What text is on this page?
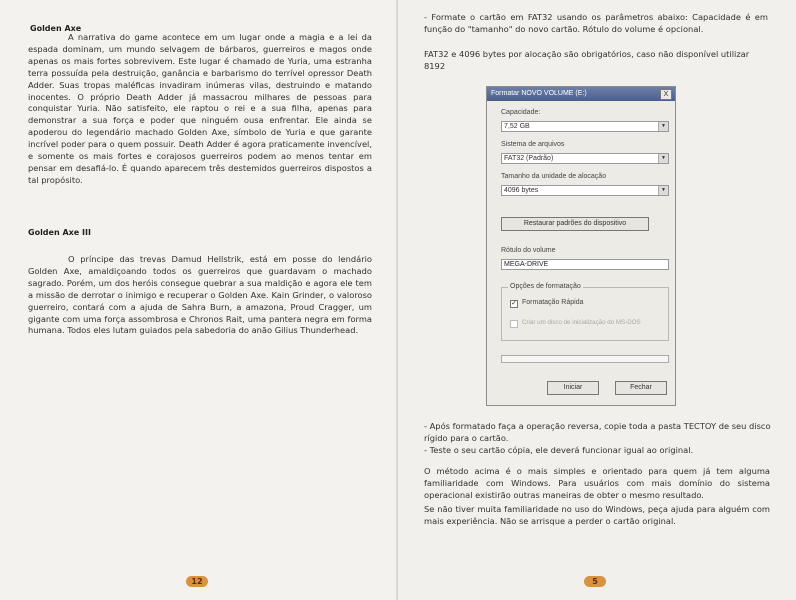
Golden Axe

A narrativa do game acontece em um lugar onde a magia e a lei da espada dominam, um mundo selvagem de bárbaros, guerreiros e magos onde apenas os mais fortes sobrevivem. Este lugar é chamado de Yuria, uma estranha terra possuída pela destruição, ganância e barbarismo do terrível opressor Death Adder. Suas tropas maléficas invadiram inúmeras vilas, destruindo e matando inocentes. O próprio Death Adder já massacrou milhares de pessoas para conquistar Yuria. Não satisfeito, ele raptou o rei e a sua filha, apenas para demonstrar a sua força e poder que ninguém ousa enfrentar. Ele ainda se apoderou do legendário machado Golden Axe, símbolo de Yuria e que garante incrível poder para o quem possuir. Death Adder é agora praticamente invencível, e somente os mais fortes e corajosos guerreiros podem ao menos tentar em pensar em desafiá-lo. É quando aparecem três destemidos guerreiros dispostos a tal propósito.

Golden Axe III

O príncipe das trevas Damud Hellstrik, está em posse do lendário Golden Axe, amaldiçoando todos os guerreiros que guardavam o machado sagrado. Porém, um dos heróis consegue quebrar a sua maldição e agora ele tem a missão de derrotar o inimigo e recuperar o Golden Axe. Kain Grinder, o valoroso guerreiro, contará com a ajuda de Sahra Burn, a amazona, Proud Cragger, um gigante com uma força assombrosa e Chronos Rait, uma pantera negra em forma humana. Todos eles lutam guiados pela sabedoria do anão Gilius Thunderhead.

12

- Formate o cartão em FAT32 usando os parâmetros abaixo: Capacidade é em função do "tamanho" do novo cartão. Rótulo do volume é opcional.

FAT32 e 4096 bytes por alocação são obrigatórios, caso não disponível utilizar 8192

Formatar NOVO VOLUME (E:)	X
Capacidade:
7,52 GB	▼
Sistema de arquivos
FAT32 (Padrão)	▼
Tamanho da unidade de alocação
4096 bytes	▼
Restaurar padrões do dispositivo
Rótulo do volume
MEGA-DRIVE
Opções de formatação
✓ Formatação Rápida
Criar um disco de inicialização do MS-DOS
Iniciar	Fechar

- Após formatado faça a operação reversa, copie toda a pasta TECTOY de seu disco rígido para o cartão.

- Teste o seu cartão cópia, ele deverá funcionar igual ao original.

O método acima é o mais simples e orientado para quem já tem alguma familiaridade com Windows. Para usuários com mais domínio do sistema operacional existirão outras maneiras de obter o mesmo resultado.

Se não tiver muita familiaridade no uso do Windows, peça ajuda para alguém com mais experiência. Não se arrisque a perder o cartão original.

5
